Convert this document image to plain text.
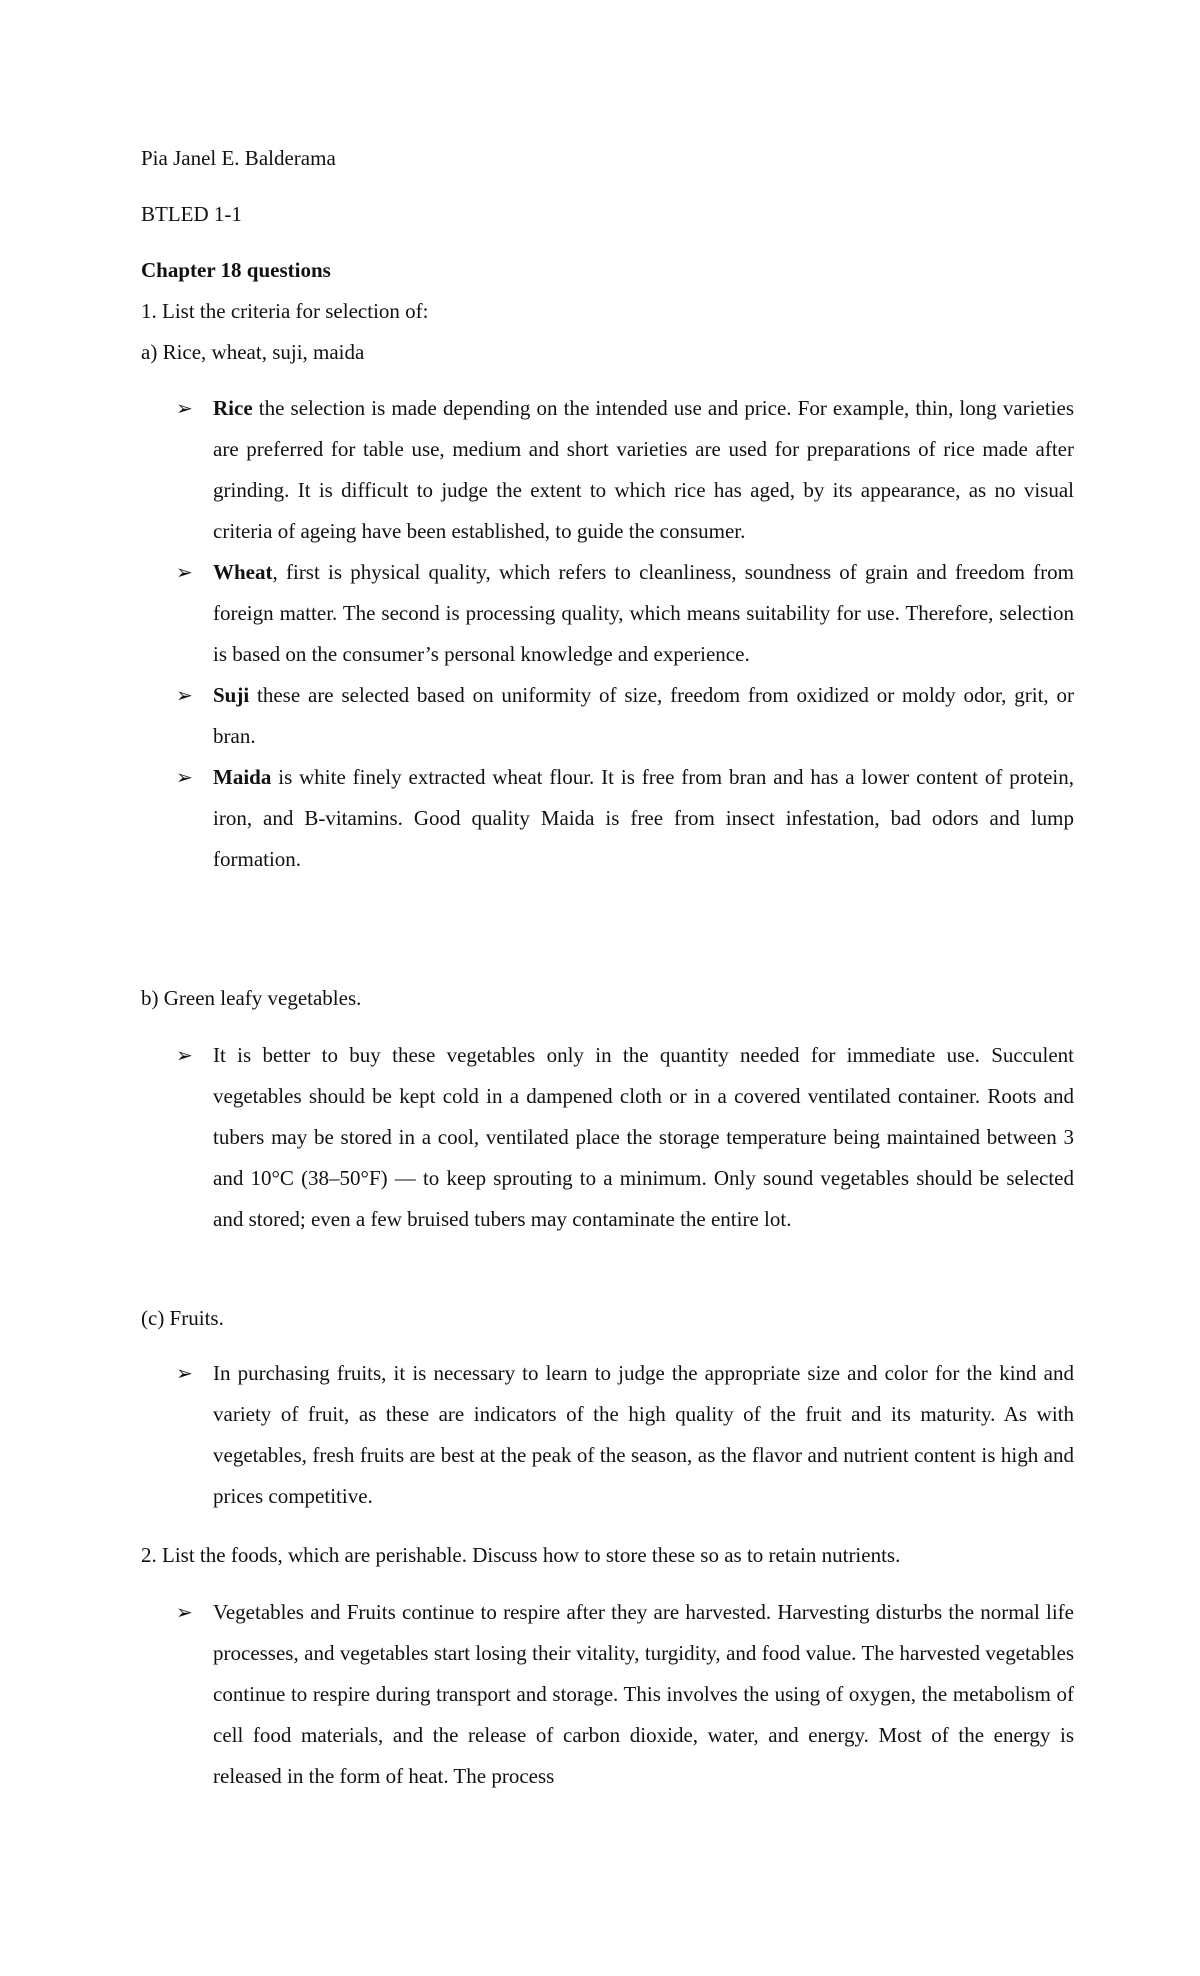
Pia Janel E. Balderama
BTLED 1-1
Chapter 18 questions
1. List the criteria for selection of:
a) Rice, wheat, suji, maida
➢ Rice the selection is made depending on the intended use and price. For example, thin, long varieties are preferred for table use, medium and short varieties are used for preparations of rice made after grinding. It is difficult to judge the extent to which rice has aged, by its appearance, as no visual criteria of ageing have been established, to guide the consumer.
➢ Wheat, first is physical quality, which refers to cleanliness, soundness of grain and freedom from foreign matter. The second is processing quality, which means suitability for use. Therefore, selection is based on the consumer’s personal knowledge and experience.
➢ Suji these are selected based on uniformity of size, freedom from oxidized or moldy odor, grit, or bran.
➢ Maida is white finely extracted wheat flour. It is free from bran and has a lower content of protein, iron, and B-vitamins. Good quality Maida is free from insect infestation, bad odors and lump formation.
b) Green leafy vegetables.
➢ It is better to buy these vegetables only in the quantity needed for immediate use. Succulent vegetables should be kept cold in a dampened cloth or in a covered ventilated container. Roots and tubers may be stored in a cool, ventilated place the storage temperature being maintained between 3 and 10°C (38–50°F) — to keep sprouting to a minimum. Only sound vegetables should be selected and stored; even a few bruised tubers may contaminate the entire lot.
(c) Fruits.
➢ In purchasing fruits, it is necessary to learn to judge the appropriate size and color for the kind and variety of fruit, as these are indicators of the high quality of the fruit and its maturity. As with vegetables, fresh fruits are best at the peak of the season, as the flavor and nutrient content is high and prices competitive.
2. List the foods, which are perishable. Discuss how to store these so as to retain nutrients.
➢ Vegetables and Fruits continue to respire after they are harvested. Harvesting disturbs the normal life processes, and vegetables start losing their vitality, turgidity, and food value. The harvested vegetables continue to respire during transport and storage. This involves the using of oxygen, the metabolism of cell food materials, and the release of carbon dioxide, water, and energy. Most of the energy is released in the form of heat. The process
